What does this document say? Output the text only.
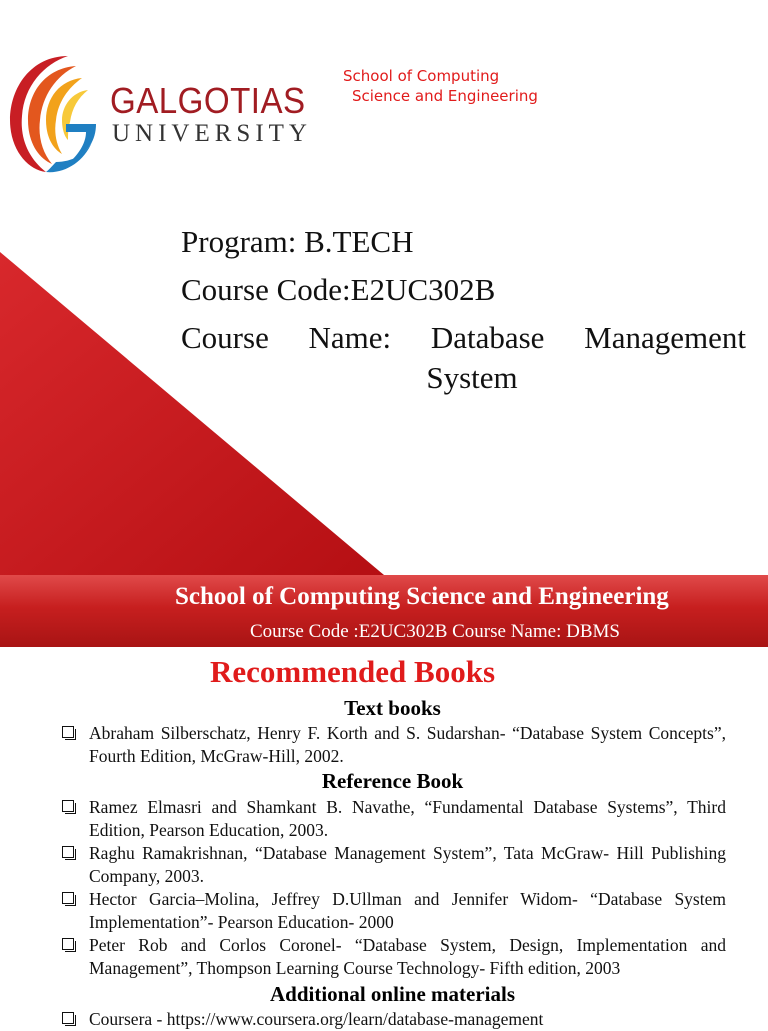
GALGOTIAS
UNIVERSITY
School of Computing
Science and Engineering
Program: B.TECH
Course Code:E2UC302B
Course Name: Database Management
System
School of Computing Science and Engineering
Course Code :E2UC302B Course Name: DBMS
Recommended Books
Text books
Abraham Silberschatz, Henry F. Korth and S. Sudarshan- “Database System Concepts”, Fourth Edition, McGraw-Hill, 2002.
Reference Book
Ramez Elmasri and Shamkant B. Navathe, “Fundamental Database Systems”, Third Edition, Pearson Education, 2003.
Raghu Ramakrishnan, “Database Management System”, Tata McGraw- Hill Publishing Company, 2003.
Hector Garcia–Molina, Jeffrey D.Ullman and Jennifer Widom- “Database System Implementation”- Pearson Education- 2000
Peter Rob and Corlos Coronel- “Database System, Design, Implementation and Management”, Thompson Learning Course Technology- Fifth edition, 2003
Additional online materials
Coursera - https://www.coursera.org/learn/database-management
